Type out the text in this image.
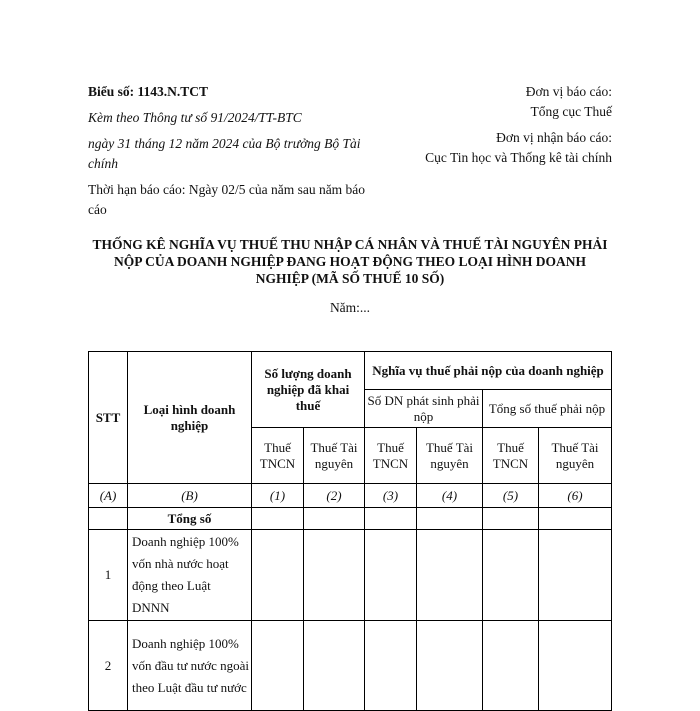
Biểu số: 1143.N.TCT
Kèm theo Thông tư số 91/2024/TT-BTC
ngày 31 tháng 12 năm 2024 của Bộ trưởng Bộ Tài chính
Thời hạn báo cáo: Ngày 02/5 của năm sau năm báo cáo
Đơn vị báo cáo:
Tổng cục Thuế
Đơn vị nhận báo cáo:
Cục Tin học và Thống kê tài chính
THỐNG KÊ NGHĨA VỤ THUẾ THU NHẬP CÁ NHÂN VÀ THUẾ TÀI NGUYÊN PHẢI NỘP CỦA DOANH NGHIỆP ĐANG HOẠT ĐỘNG THEO LOẠI HÌNH DOANH NGHIỆP (MÃ SỐ THUẾ 10 SỐ)
Năm:...
STT	Loại hình doanh nghiệp	Số lượng doanh nghiệp đã khai thuế		Nghĩa vụ thuế phải nộp của doanh nghiệp			
				Số DN phát sinh phải nộp		Tổng số thuế phải nộp	
		Thuế TNCN	Thuế Tài nguyên	Thuế TNCN	Thuế Tài nguyên	Thuế TNCN	Thuế Tài nguyên
(A)	(B)	(1)	(2)	(3)	(4)	(5)	(6)
	Tổng số						
1	Doanh nghiệp 100% vốn nhà nước hoạt động theo Luật DNNN						
2	Doanh nghiệp 100% vốn đầu tư nước ngoài theo Luật đầu tư nước						
